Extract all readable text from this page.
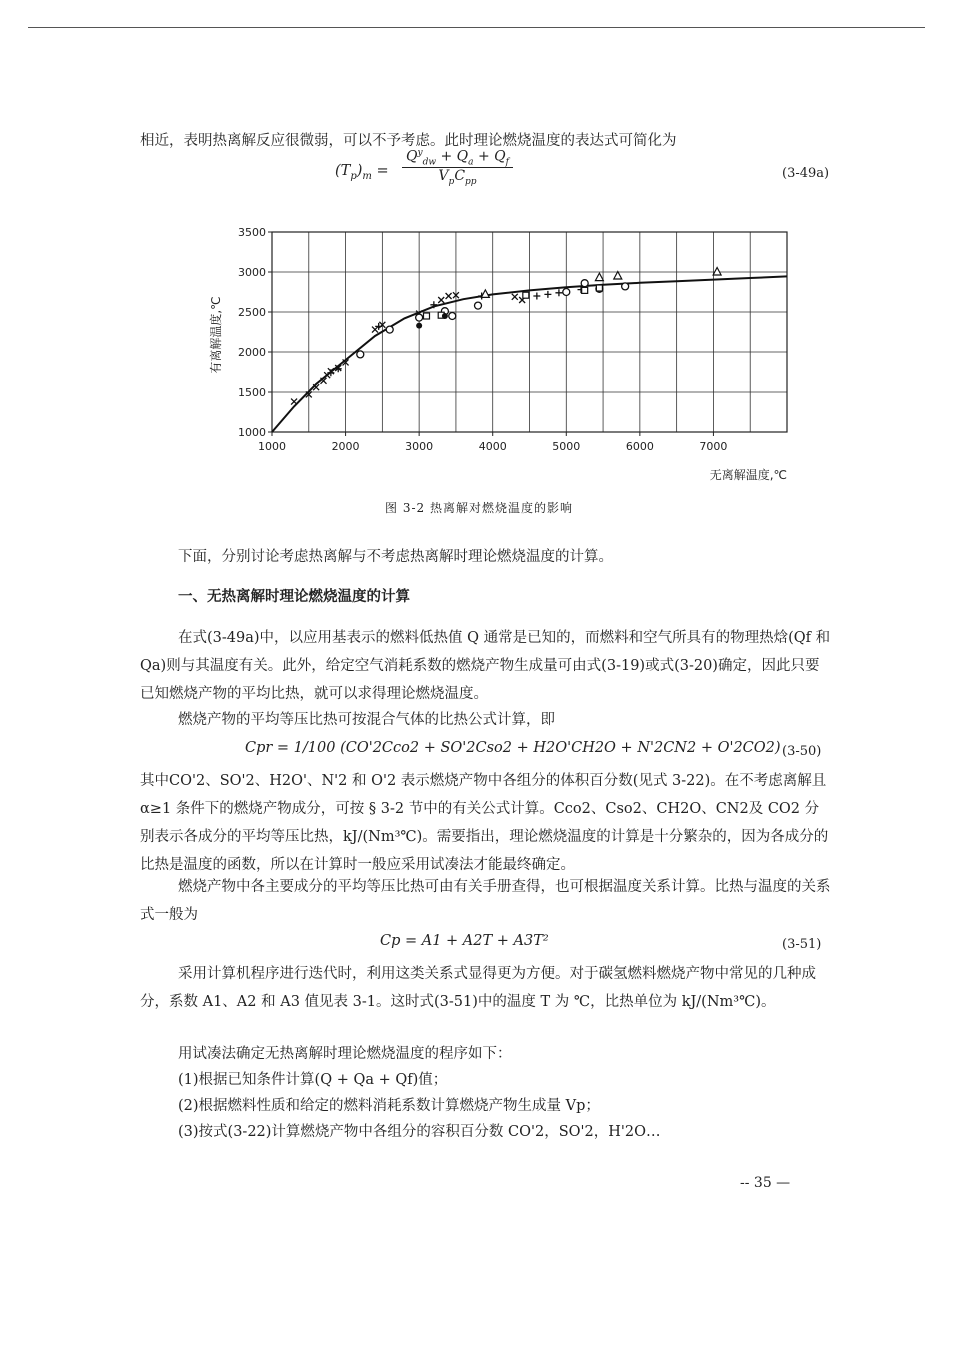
相近，表明热离解反应很微弱，可以不予考虑。此时理论燃烧温度的表达式可简化为
$(T_p)_m$ =
$Q^y_{dw} + Q_a + Q_f$
$V_pC_{pp}$
(3-49a)
1000
1500
2000
2500
3000
3500
1000	2000	3000	4000	5000	6000	7000
有离解温度,℃
无离解温度,℃
图 3-2 热离解对燃烧温度的影响
下面，分别讨论考虑热离解与不考虑热离解时理论燃烧温度的计算。
一、无热离解时理论燃烧温度的计算
在式(3-49a)中，以应用基表示的燃料低热值 Q 通常是已知的，而燃料和空气所具有的物理热焓(Qf 和 Qa)则与其温度有关。此外，给定空气消耗系数的燃烧产物生成量可由式(3-19)或式(3-20)确定，因此只要已知燃烧产物的平均比热，就可以求得理论燃烧温度。
燃烧产物的平均等压比热可按混合气体的比热公式计算，即
Cpr = 1/100 (CO'2Cco2 + SO'2Cso2 + H2O'CH2O + N'2CN2 + O'2CO2) (3-50)
其中CO'2、SO'2、H2O'、N'2 和 O'2 表示燃烧产物中各组分的体积百分数(见式 3-22)。在不考虑离解且 α≥1 条件下的燃烧产物成分，可按 § 3-2 节中的有关公式计算。Cco2、Cso2、CH2O、CN2及 CO2 分别表示各成分的平均等压比热，kJ/(Nm³℃)。需要指出，理论燃烧温度的计算是十分繁杂的，因为各成分的比热是温度的函数，所以在计算时一般应采用试凑法才能最终确定。
燃烧产物中各主要成分的平均等压比热可由有关手册查得，也可根据温度关系计算。比热与温度的关系式一般为
Cp = A1 + A2T + A3T²	(3-51)
采用计算机程序进行迭代时，利用这类关系式显得更为方便。对于碳氢燃料燃烧产物中常见的几种成分，系数 A1、A2 和 A3 值见表 3-1。这时式(3-51)中的温度 T 为 ℃，比热单位为 kJ/(Nm³℃)。
用试凑法确定无热离解时理论燃烧温度的程序如下：
(1)根据已知条件计算(Q + Qa + Qf)值；
(2)根据燃料性质和给定的燃料消耗系数计算燃烧产物生成量 Vp；
(3)按式(3-22)计算燃烧产物中各组分的容积百分数 CO'2，SO'2，H'2O…
-- 35 —
